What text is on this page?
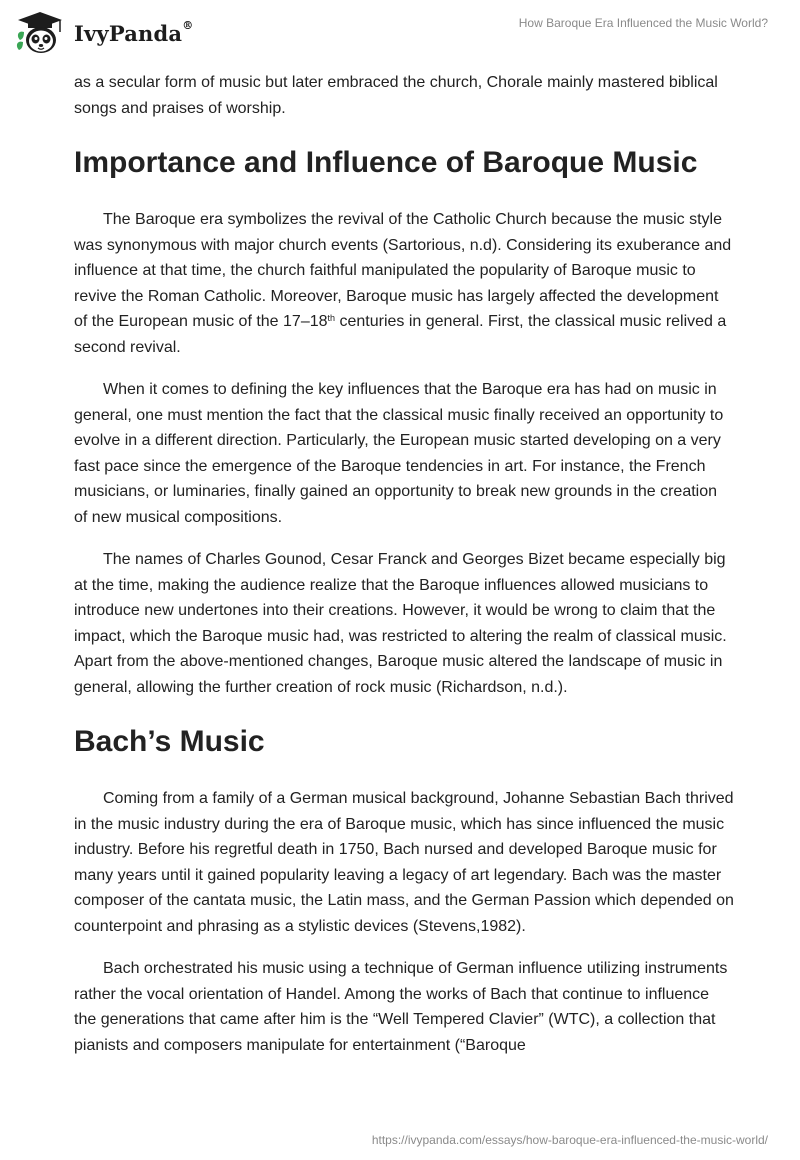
IvyPanda®	How Baroque Era Influenced the Music World?

as a secular form of music but later embraced the church, Chorale mainly mastered biblical songs and praises of worship.

Importance and Influence of Baroque Music

The Baroque era symbolizes the revival of the Catholic Church because the music style was synonymous with major church events (Sartorious, n.d). Considering its exuberance and influence at that time, the church faithful manipulated the popularity of Baroque music to revive the Roman Catholic. Moreover, Baroque music has largely affected the development of the European music of the 17–18th centuries in general. First, the classical music relived a second revival.

When it comes to defining the key influences that the Baroque era has had on music in general, one must mention the fact that the classical music finally received an opportunity to evolve in a different direction. Particularly, the European music started developing on a very fast pace since the emergence of the Baroque tendencies in art. For instance, the French musicians, or luminaries, finally gained an opportunity to break new grounds in the creation of new musical compositions.

The names of Charles Gounod, Cesar Franck and Georges Bizet became especially big at the time, making the audience realize that the Baroque influences allowed musicians to introduce new undertones into their creations. However, it would be wrong to claim that the impact, which the Baroque music had, was restricted to altering the realm of classical music. Apart from the above-mentioned changes, Baroque music altered the landscape of music in general, allowing the further creation of rock music (Richardson, n.d.).

Bach’s Music

Coming from a family of a German musical background, Johanne Sebastian Bach thrived in the music industry during the era of Baroque music, which has since influenced the music industry. Before his regretful death in 1750, Bach nursed and developed Baroque music for many years until it gained popularity leaving a legacy of art legendary. Bach was the master composer of the cantata music, the Latin mass, and the German Passion which depended on counterpoint and phrasing as a stylistic devices (Stevens,1982).

Bach orchestrated his music using a technique of German influence utilizing instruments rather the vocal orientation of Handel. Among the works of Bach that continue to influence the generations that came after him is the “Well Tempered Clavier” (WTC), a collection that pianists and composers manipulate for entertainment (“Baroque

https://ivypanda.com/essays/how-baroque-era-influenced-the-music-world/
